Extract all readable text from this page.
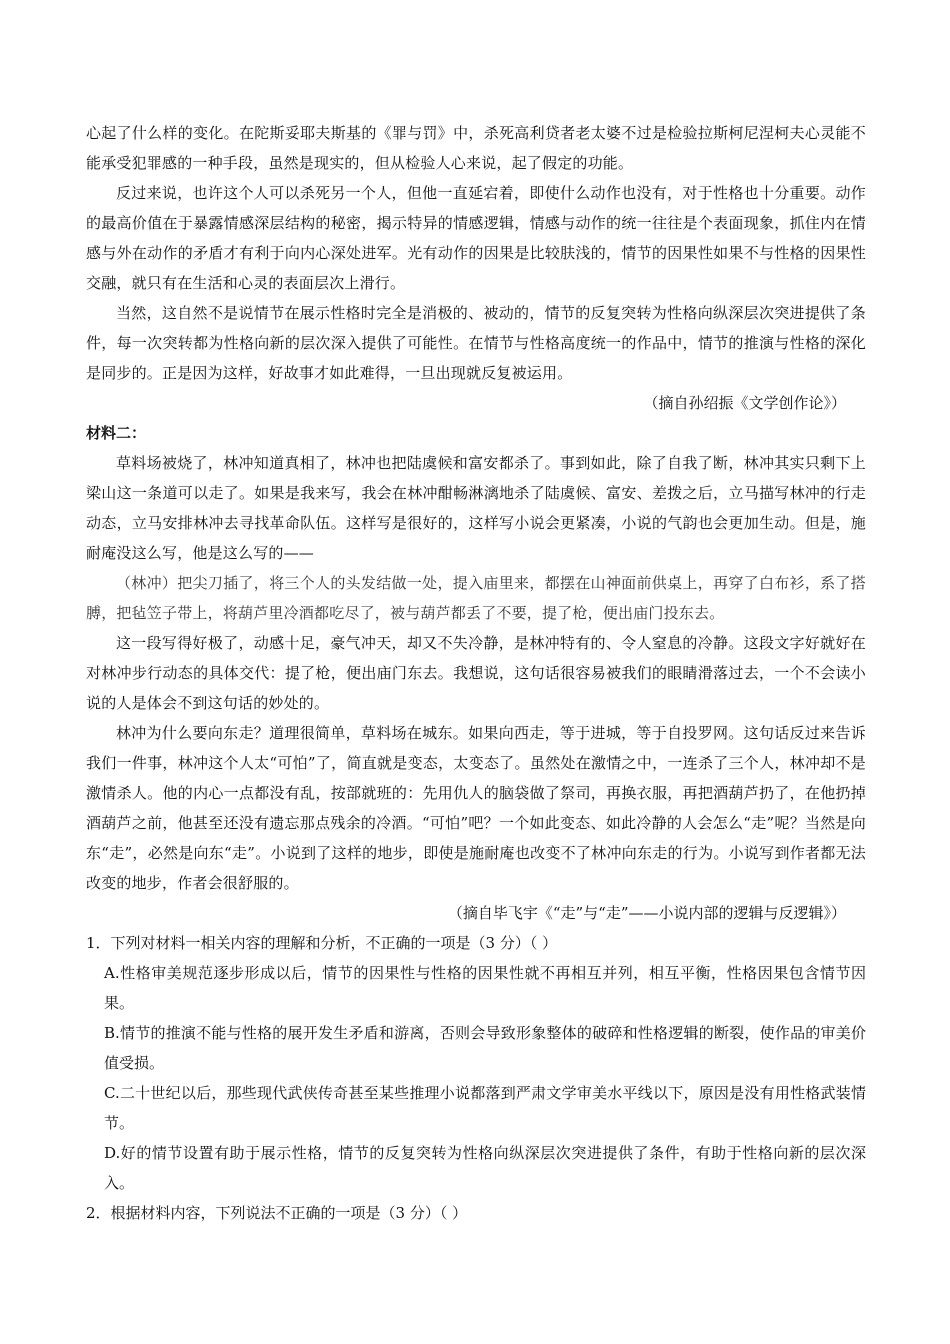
心起了什么样的变化。在陀斯妥耶夫斯基的《罪与罚》中，杀死高利贷者老太婆不过是检验拉斯柯尼涅柯夫心灵能不能承受犯罪感的一种手段，虽然是现实的，但从检验人心来说，起了假定的功能。

反过来说，也许这个人可以杀死另一个人，但他一直延宕着，即使什么动作也没有，对于性格也十分重要。动作的最高价值在于暴露情感深层结构的秘密，揭示特异的情感逻辑，情感与动作的统一往往是个表面现象，抓住内在情感与外在动作的矛盾才有利于向内心深处进军。光有动作的因果是比较肤浅的，情节的因果性如果不与性格的因果性交融，就只有在生活和心灵的表面层次上滑行。

当然，这自然不是说情节在展示性格时完全是消极的、被动的，情节的反复突转为性格向纵深层次突进提供了条件，每一次突转都为性格向新的层次深入提供了可能性。在情节与性格高度统一的作品中，情节的推演与性格的深化是同步的。正是因为这样，好故事才如此难得，一旦出现就反复被运用。

（摘自孙绍振《文学创作论》）

材料二：

草料场被烧了，林冲知道真相了，林冲也把陆虞候和富安都杀了。事到如此，除了自我了断，林冲其实只剩下上梁山这一条道可以走了。如果是我来写，我会在林冲酣畅淋漓地杀了陆虞候、富安、差拨之后，立马描写林冲的行走动态，立马安排林冲去寻找革命队伍。这样写是很好的，这样写小说会更紧凑，小说的气韵也会更加生动。但是，施耐庵没这么写，他是这么写的——

（林冲）把尖刀插了，将三个人的头发结做一处，提入庙里来，都摆在山神面前供桌上，再穿了白布衫，系了搭膊，把毡笠子带上，将葫芦里冷酒都吃尽了，被与葫芦都丢了不要，提了枪，便出庙门投东去。

这一段写得好极了，动感十足，豪气冲天，却又不失冷静，是林冲特有的、令人窒息的冷静。这段文字好就好在对林冲步行动态的具体交代：提了枪，便出庙门东去。我想说，这句话很容易被我们的眼睛滑落过去，一个不会读小说的人是体会不到这句话的妙处的。

林冲为什么要向东走？道理很简单，草料场在城东。如果向西走，等于进城，等于自投罗网。这句话反过来告诉我们一件事，林冲这个人太“可怕”了，简直就是变态，太变态了。虽然处在激情之中，一连杀了三个人，林冲却不是激情杀人。他的内心一点都没有乱，按部就班的：先用仇人的脑袋做了祭司，再换衣服，再把酒葫芦扔了，在他扔掉酒葫芦之前，他甚至还没有遗忘那点残余的冷酒。“可怕”吧？一个如此变态、如此冷静的人会怎么“走”呢？当然是向东“走”，必然是向东“走”。小说到了这样的地步，即使是施耐庵也改变不了林冲向东走的行为。小说写到作者都无法改变的地步，作者会很舒服的。

（摘自毕飞宇《“走”与“走”——小说内部的逻辑与反逻辑》）

1．下列对材料一相关内容的理解和分析，不正确的一项是（3 分）（ ）

A.性格审美规范逐步形成以后，情节的因果性与性格的因果性就不再相互并列，相互平衡，性格因果包含情节因果。

B.情节的推演不能与性格的展开发生矛盾和游离，否则会导致形象整体的破碎和性格逻辑的断裂，使作品的审美价值受损。

C.二十世纪以后，那些现代武侠传奇甚至某些推理小说都落到严肃文学审美水平线以下，原因是没有用性格武装情节。

D.好的情节设置有助于展示性格，情节的反复突转为性格向纵深层次突进提供了条件，有助于性格向新的层次深入。

2．根据材料内容，下列说法不正确的一项是（3 分）（ ）
